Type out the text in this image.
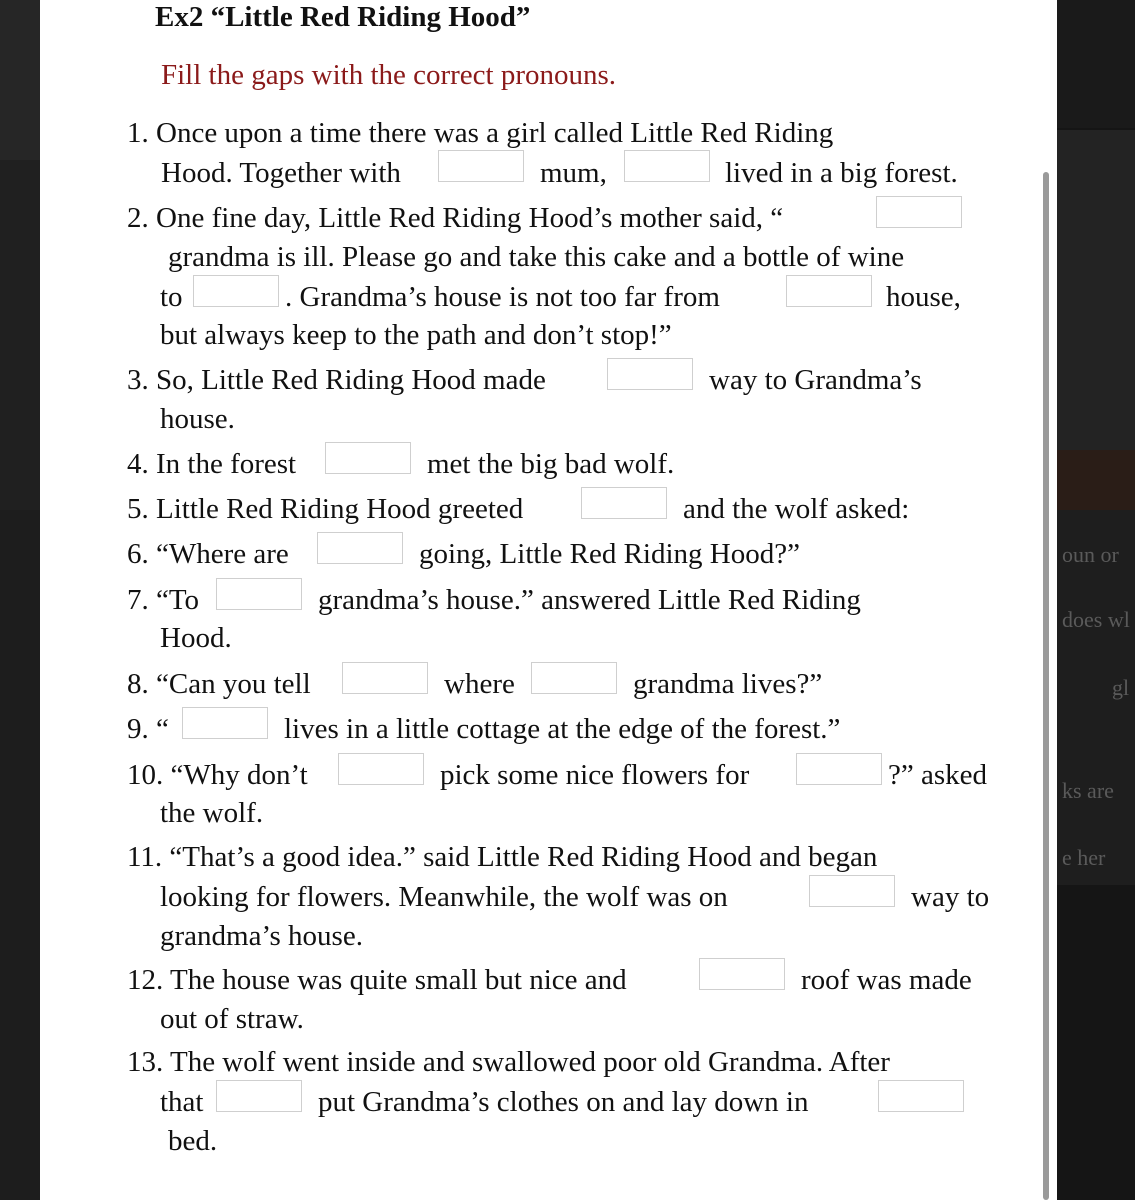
oun or
does wl
gl
ks are
e her
Ex2 “Little Red Riding Hood”
Fill the gaps with the correct pronouns.
1. Once upon a time there was a girl called Little Red Riding
Hood. Together with	mum,	lived in a big forest.
2. One fine day, Little Red Riding Hood’s mother said, “
grandma is ill. Please go and take this cake and a bottle of wine
to	. Grandma’s house is not too far from	house,
but always keep to the path and don’t stop!”
3. So, Little Red Riding Hood made	way to Grandma’s
house.
4. In the forest	met the big bad wolf.
5. Little Red Riding Hood greeted	and the wolf asked:
6. “Where are	going, Little Red Riding Hood?”
7. “To	grandma’s house.” answered Little Red Riding
Hood.
8. “Can you tell	where	grandma lives?”
9. “	lives in a little cottage at the edge of the forest.”
10. “Why don’t	pick some nice flowers for	?” asked
the wolf.
11. “That’s a good idea.” said Little Red Riding Hood and began
looking for flowers. Meanwhile, the wolf was on	way to
grandma’s house.
12. The house was quite small but nice and	roof was made
out of straw.
13. The wolf went inside and swallowed poor old Grandma. After
that	put Grandma’s clothes on and lay down in
bed.
